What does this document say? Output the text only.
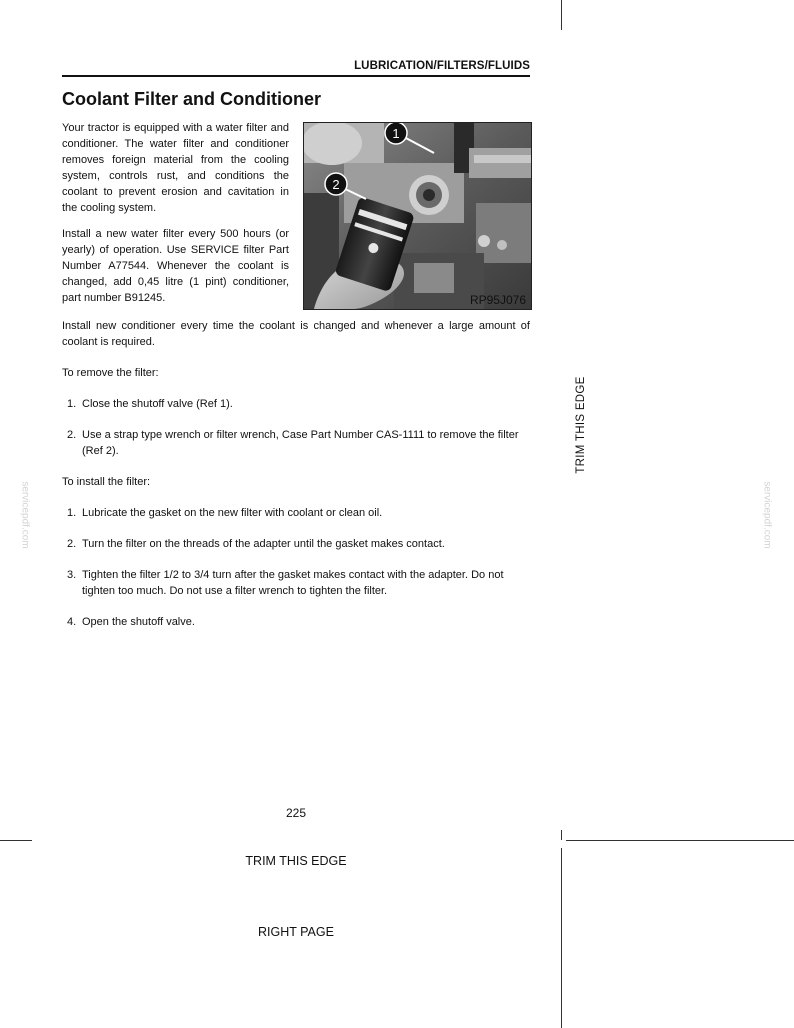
LUBRICATION/FILTERS/FLUIDS
Coolant Filter and Conditioner

Your tractor is equipped with a water filter and conditioner. The water filter and conditioner removes foreign material from the cooling system, controls rust, and conditions the coolant to prevent erosion and cavitation in the cooling system.

Install a new water filter every 500 hours (or yearly) of operation. Use SERVICE filter Part Number A77544. Whenever the coolant is changed, add 0,45 litre (1 pint) conditioner, part number B91245.

1
2
RP95J076

Install new conditioner every time the coolant is changed and whenever a large amount of coolant is required.

To remove the filter:

1. Close the shutoff valve (Ref 1).
2. Use a strap type wrench or filter wrench, Case Part Number CAS-1111 to remove the filter (Ref 2).

To install the filter:

1. Lubricate the gasket on the new filter with coolant or clean oil.
2. Turn the filter on the threads of the adapter until the gasket makes contact.
3. Tighten the filter 1/2 to 3/4 turn after the gasket makes contact with the adapter. Do not tighten too much. Do not use a filter wrench to tighten the filter.
4. Open the shutoff valve.
TRIM THIS EDGE
servicepdf.com	servicepdf.com
225
TRIM THIS EDGE
RIGHT PAGE
